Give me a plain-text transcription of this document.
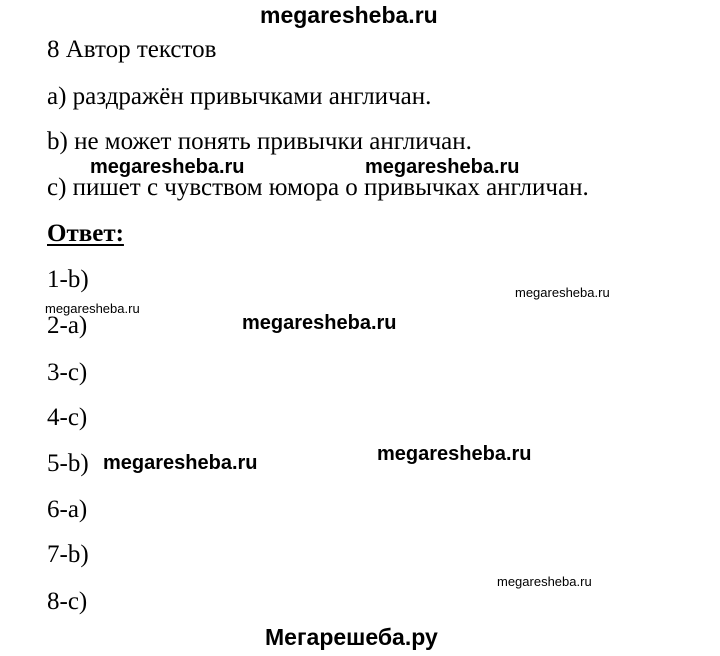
megaresheba.ru
8 Автор текстов
a) раздражён привычками англичан.
b) не может понять привычки англичан.
c) пишет с чувством юмора о привычках англичан.
Ответ:
1-b)
2-a)
3-c)
4-c)
5-b)
6-a)
7-b)
8-c)
megaresheba.ru	megaresheba.ru
megaresheba.ru
megaresheba.ru
megaresheba.ru
megaresheba.ru
megaresheba.ru
megaresheba.ru
Мегарешеба.ру
